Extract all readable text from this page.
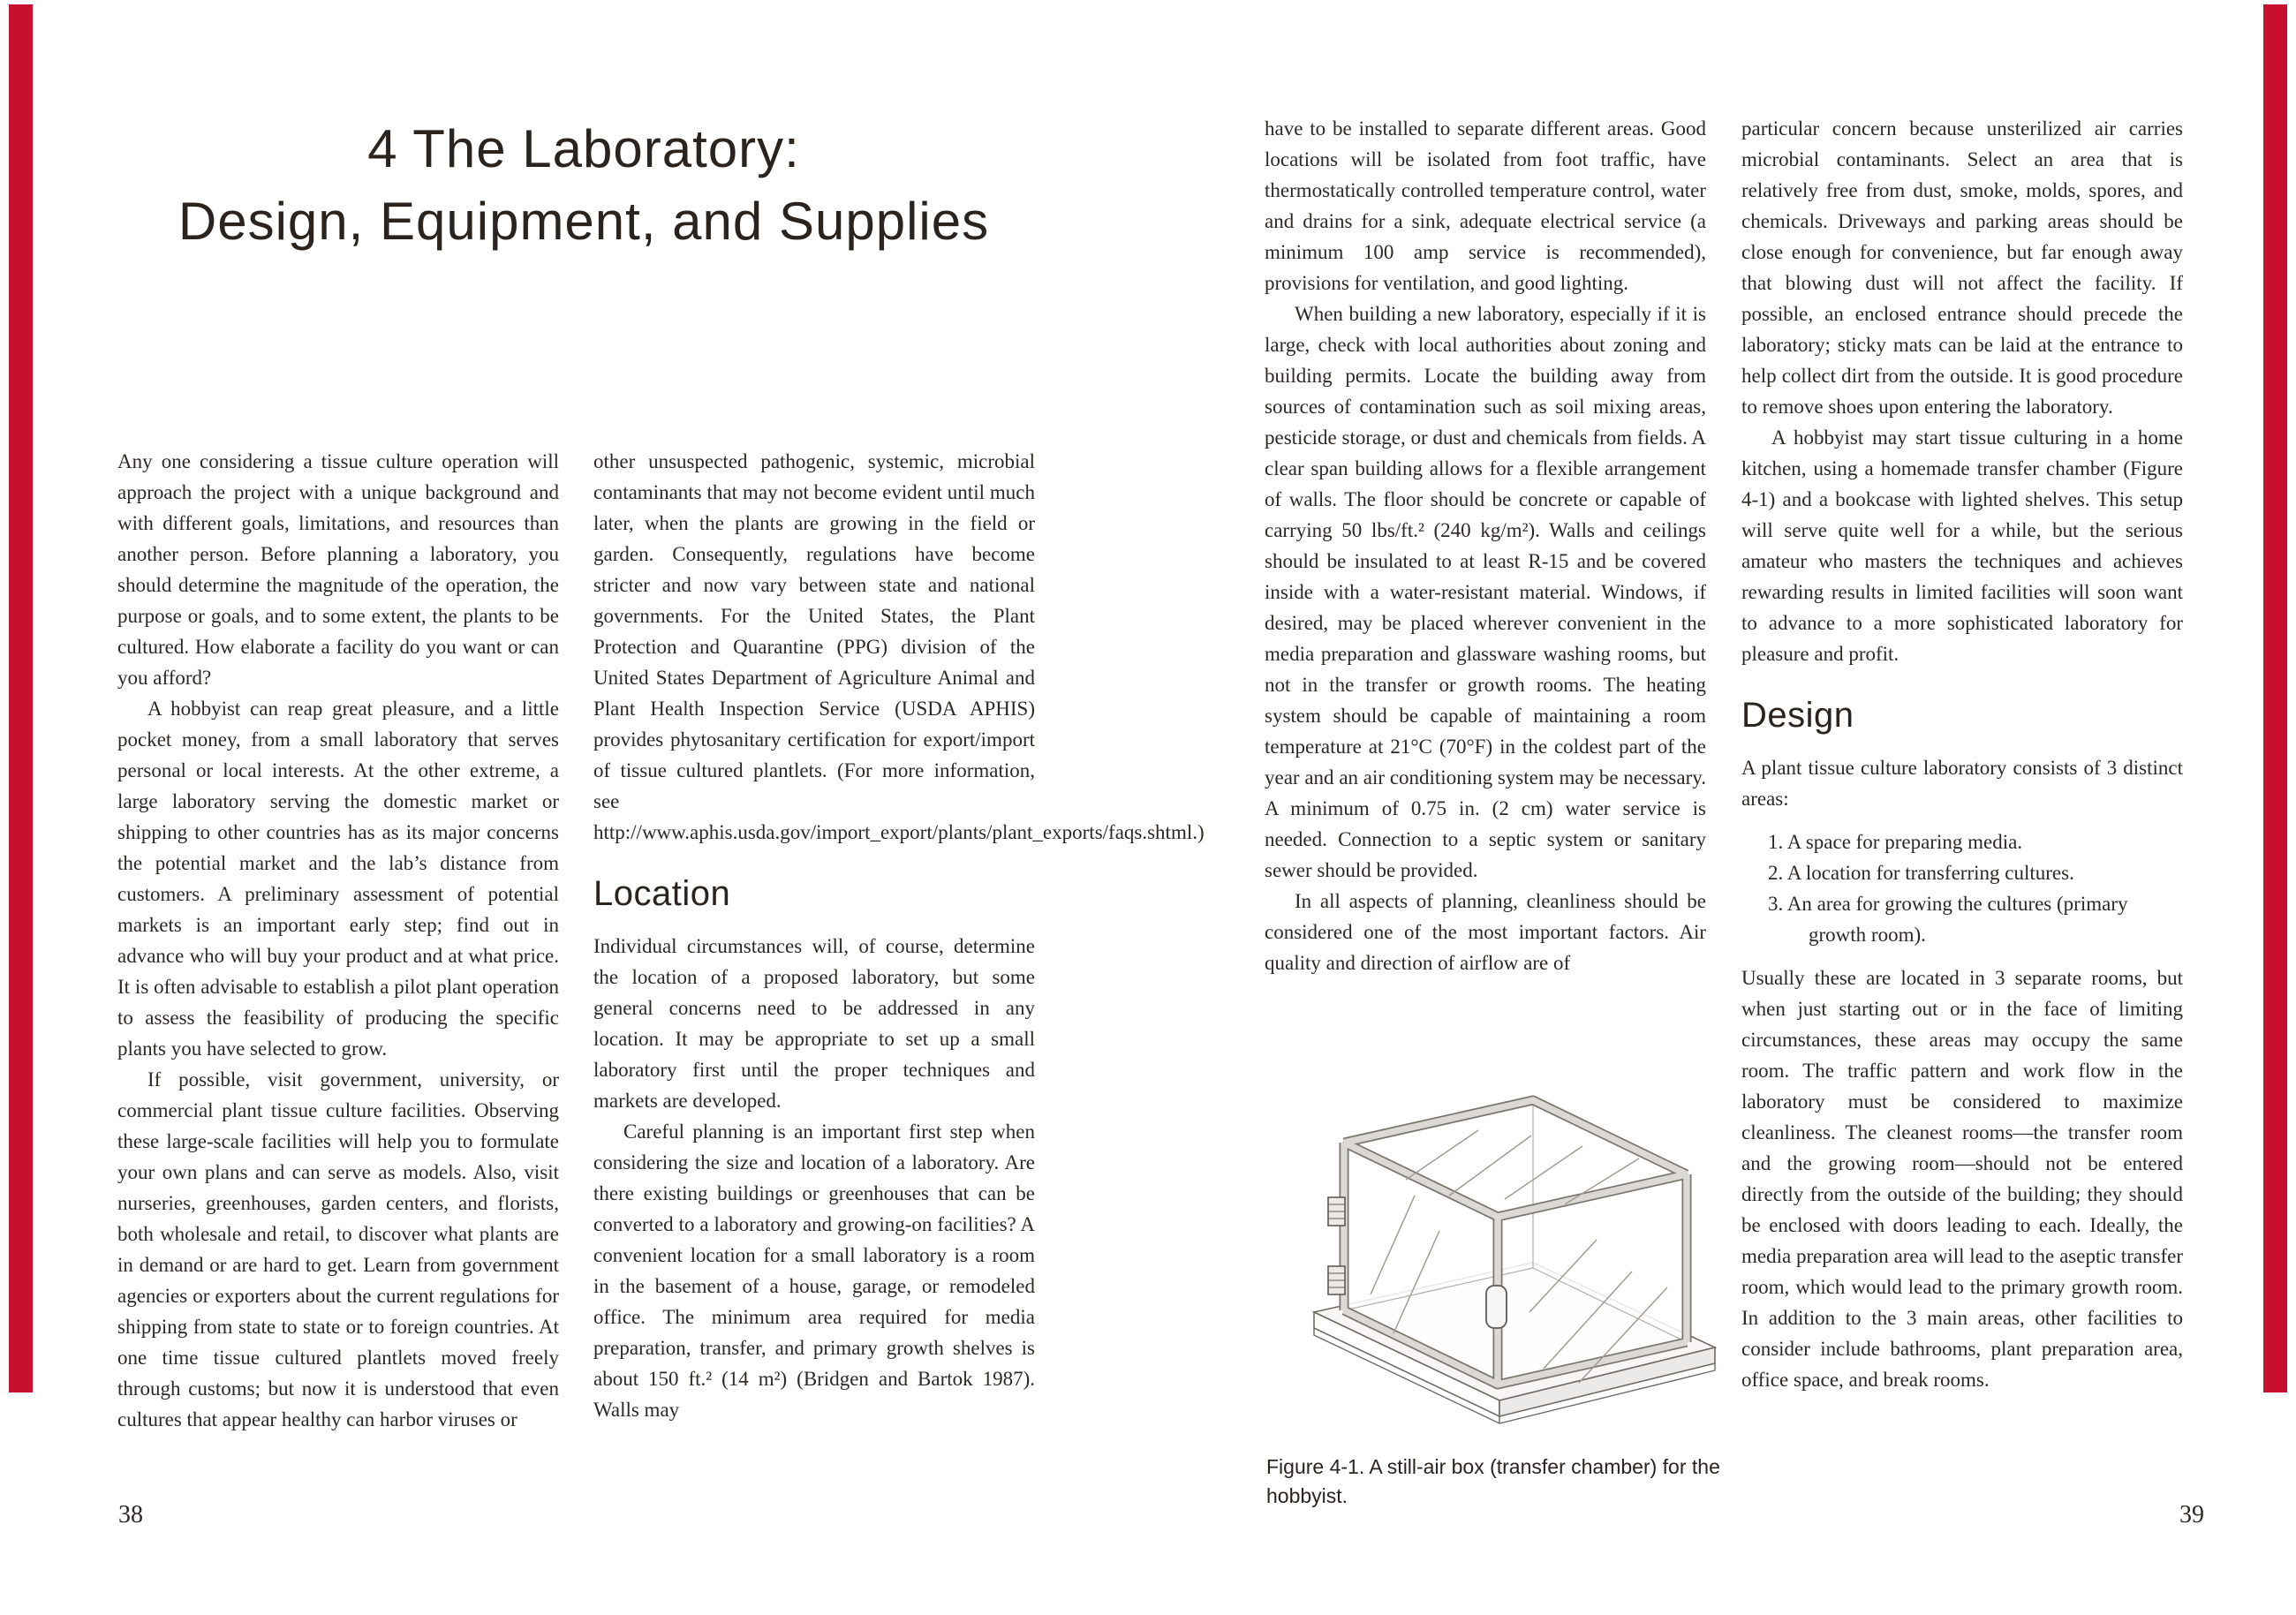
4 The Laboratory:
Design, Equipment, and Supplies

Any one considering a tissue culture operation will approach the project with a unique background and with different goals, limitations, and resources than another person. Before planning a laboratory, you should determine the magnitude of the operation, the purpose or goals, and to some extent, the plants to be cultured. How elaborate a facility do you want or can you afford?

A hobbyist can reap great pleasure, and a little pocket money, from a small laboratory that serves personal or local interests. At the other extreme, a large laboratory serving the domestic market or shipping to other countries has as its major concerns the potential market and the lab’s distance from customers. A preliminary assessment of potential markets is an important early step; find out in advance who will buy your product and at what price. It is often advisable to establish a pilot plant operation to assess the feasibility of producing the specific plants you have selected to grow.

If possible, visit government, university, or commercial plant tissue culture facilities. Observing these large-scale facilities will help you to formulate your own plans and can serve as models. Also, visit nurseries, greenhouses, garden centers, and florists, both wholesale and retail, to discover what plants are in demand or are hard to get. Learn from government agencies or exporters about the current regulations for shipping from state to state or to foreign countries. At one time tissue cultured plantlets moved freely through customs; but now it is understood that even cultures that appear healthy can harbor viruses or

other unsuspected pathogenic, systemic, microbial contaminants that may not become evident until much later, when the plants are growing in the field or garden. Consequently, regulations have become stricter and now vary between state and national governments. For the United States, the Plant Protection and Quarantine (PPG) division of the United States Department of Agriculture Animal and Plant Health Inspection Service (USDA APHIS) provides phytosanitary certification for export/import of tissue cultured plantlets. (For more information, see http://www.aphis.usda.gov/import_export/plants/plant_exports/faqs.shtml.)

Location

Individual circumstances will, of course, determine the location of a proposed laboratory, but some general concerns need to be addressed in any location. It may be appropriate to set up a small laboratory first until the proper techniques and markets are developed.

Careful planning is an important first step when considering the size and location of a laboratory. Are there existing buildings or greenhouses that can be converted to a laboratory and growing-on facilities? A convenient location for a small laboratory is a room in the basement of a house, garage, or remodeled office. The minimum area required for media preparation, transfer, and primary growth shelves is about 150 ft.² (14 m²) (Bridgen and Bartok 1987). Walls may

38

have to be installed to separate different areas. Good locations will be isolated from foot traffic, have thermostatically controlled temperature control, water and drains for a sink, adequate electrical service (a minimum 100 amp service is recommended), provisions for ventilation, and good lighting.

When building a new laboratory, especially if it is large, check with local authorities about zoning and building permits. Locate the building away from sources of contamination such as soil mixing areas, pesticide storage, or dust and chemicals from fields. A clear span building allows for a flexible arrangement of walls. The floor should be concrete or capable of carrying 50 lbs/ft.² (240 kg/m²). Walls and ceilings should be insulated to at least R-15 and be covered inside with a water-resistant material. Windows, if desired, may be placed wherever convenient in the media preparation and glassware washing rooms, but not in the transfer or growth rooms. The heating system should be capable of maintaining a room temperature at 21°C (70°F) in the coldest part of the year and an air conditioning system may be necessary. A minimum of 0.75 in. (2 cm) water service is needed. Connection to a septic system or sanitary sewer should be provided.

In all aspects of planning, cleanliness should be considered one of the most important factors. Air quality and direction of airflow are of

Figure 4-1. A still-air box (transfer chamber) for the hobbyist.

particular concern because unsterilized air carries microbial contaminants. Select an area that is relatively free from dust, smoke, molds, spores, and chemicals. Driveways and parking areas should be close enough for convenience, but far enough away that blowing dust will not affect the facility. If possible, an enclosed entrance should precede the laboratory; sticky mats can be laid at the entrance to help collect dirt from the outside. It is good procedure to remove shoes upon entering the laboratory.

A hobbyist may start tissue culturing in a home kitchen, using a homemade transfer chamber (Figure 4-1) and a bookcase with lighted shelves. This setup will serve quite well for a while, but the serious amateur who masters the techniques and achieves rewarding results in limited facilities will soon want to advance to a more sophisticated laboratory for pleasure and profit.

Design

A plant tissue culture laboratory consists of 3 distinct areas:

1. A space for preparing media.
2. A location for transferring cultures.
3. An area for growing the cultures (primary growth room).

Usually these are located in 3 separate rooms, but when just starting out or in the face of limiting circumstances, these areas may occupy the same room. The traffic pattern and work flow in the laboratory must be considered to maximize cleanliness. The cleanest rooms—the transfer room and the growing room—should not be entered directly from the outside of the building; they should be enclosed with doors leading to each. Ideally, the media preparation area will lead to the aseptic transfer room, which would lead to the primary growth room. In addition to the 3 main areas, other facilities to consider include bathrooms, plant preparation area, office space, and break rooms.

39
